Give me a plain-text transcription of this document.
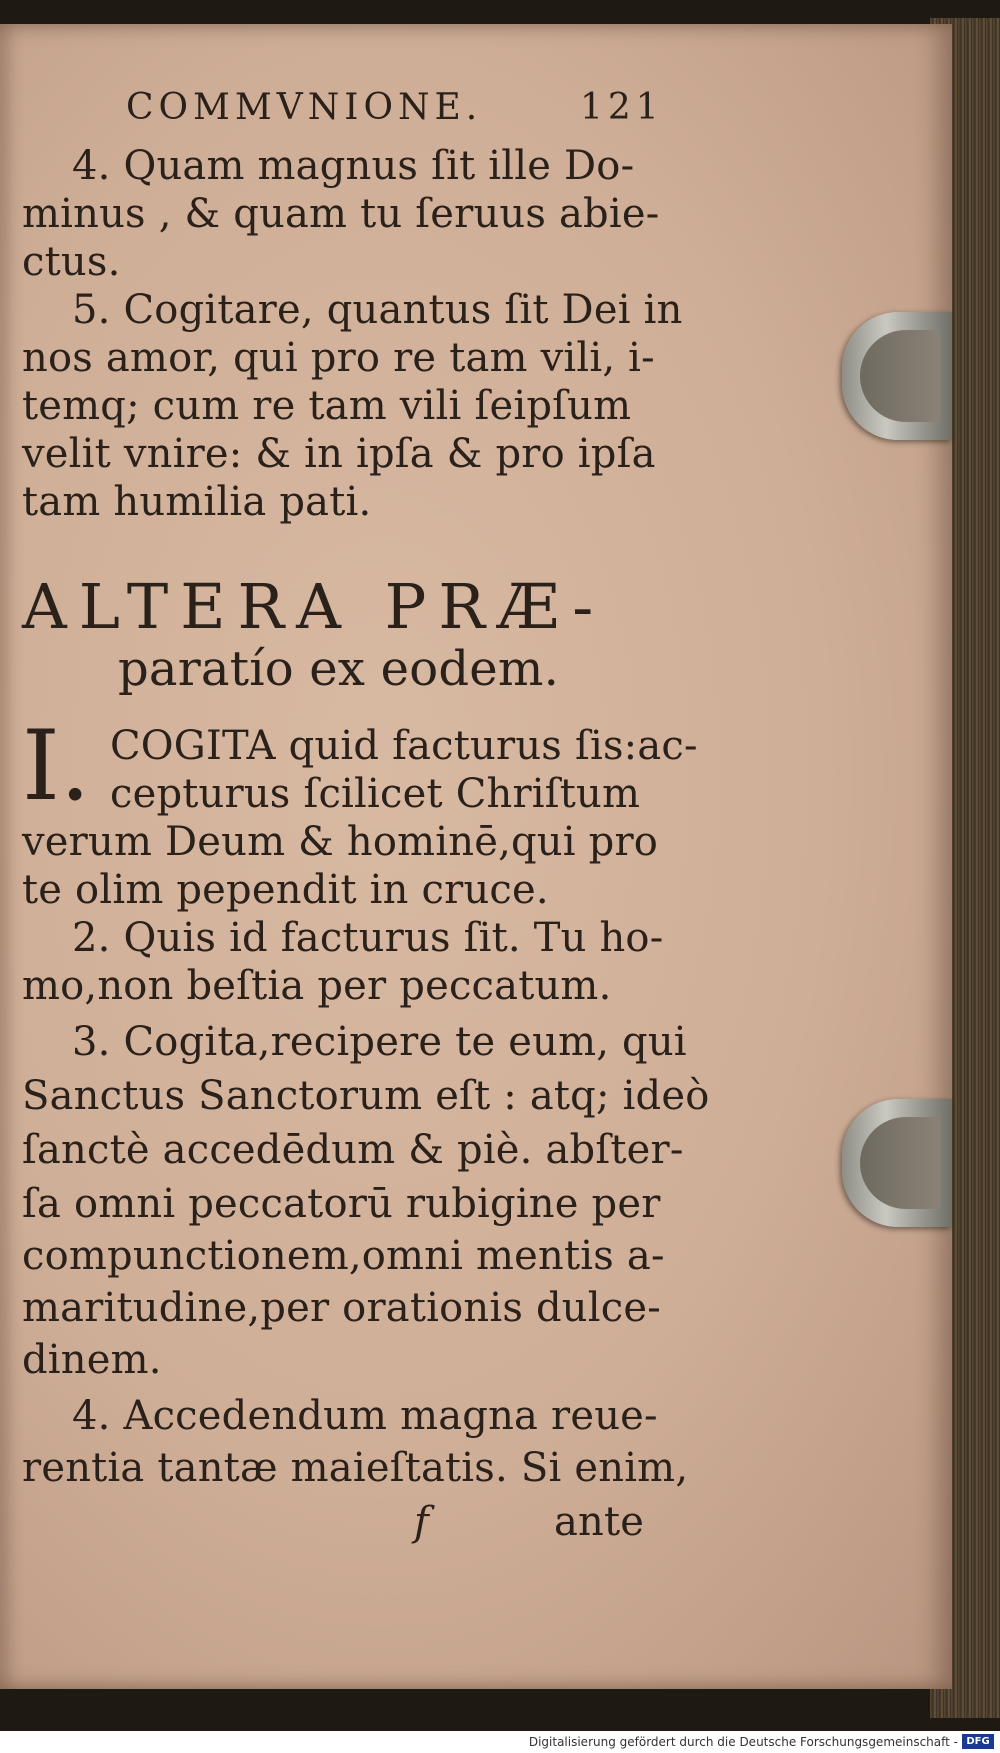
COMMVNIONE.	121
4. Quam magnus ſit ille Do-
minus , & quam tu ſeruus abie-
ctus.
5. Cogitare, quantus ſit Dei in
nos amor, qui pro re tam vili, i-
temq; cum re tam vili ſeipſum
velit vnire: & in ipſa & pro ipſa
tam humilia pati.
ALTERA PRÆ-
paratío ex eodem.
I. COGITA quid facturus ſis:ac-
cepturus ſcilicet Chriſtum
verum Deum & hominē,qui pro
te olim pependit in cruce.
2. Quis id facturus ſit. Tu ho-
mo,non beſtia per peccatum.
3. Cogita,recipere te eum, qui
Sanctus Sanctorum eſt : atq; ideò
ſanctè accedēdum & piè. abſter-
ſa omni peccatorū rubigine per
compunctionem,omni mentis a-
maritudine,per orationis dulce-
dinem.
4. Accedendum magna reue-
rentia tantæ maieſtatis. Si enim,
f	ante
Digitalisierung gefördert durch die Deutsche Forschungsgemeinschaft - DFG
